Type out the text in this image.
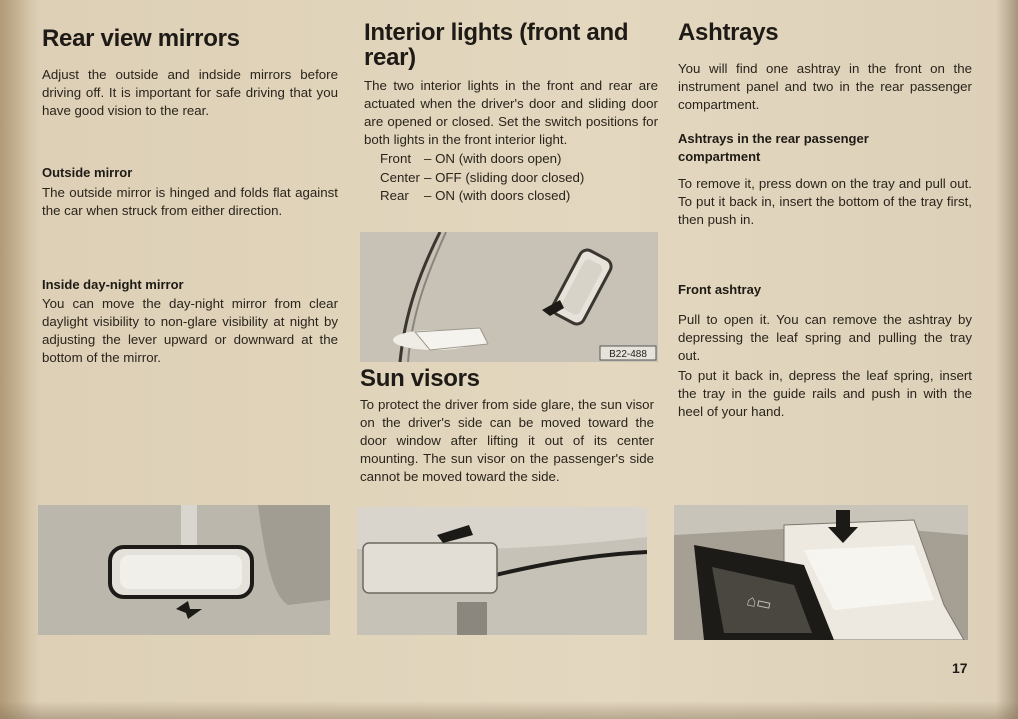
Rear view mirrors

Adjust the outside and indside mirrors before driving off. It is important for safe driving that you have good vision to the rear.

Outside mirror

The outside mirror is hinged and folds flat against the car when struck from either direction.

Inside day-night mirror

You can move the day-night mirror from clear daylight visibility to non-glare visibility at night by adjusting the lever upward or downward at the bottom of the mirror.

Interior lights (front and rear)

The two interior lights in the front and rear are actuated when the driver's door and sliding door are opened or closed. Set the switch positions for both lights in the front interior light.

Front – ON (with doors open)
Center – OFF (sliding door closed)
Rear	– ON (with doors closed)
B22-488
Sun visors

To protect the driver from side glare, the sun visor on the driver's side can be moved toward the door window after lifting it out of its center mounting. The sun visor on the passenger's side cannot be moved toward the side.

Ashtrays

You will find one ashtray in the front on the instrument panel and two in the rear passenger compartment.

Ashtrays in the rear passenger compartment

To remove it, press down on the tray and pull out. To put it back in, insert the bottom of the tray first, then push in.

Front ashtray

Pull to open it. You can remove the ashtray by depressing the leaf spring and pulling the tray out.

To put it back in, depress the leaf spring, insert the tray in the guide rails and push in with the heel of your hand.

⌂▭
17
